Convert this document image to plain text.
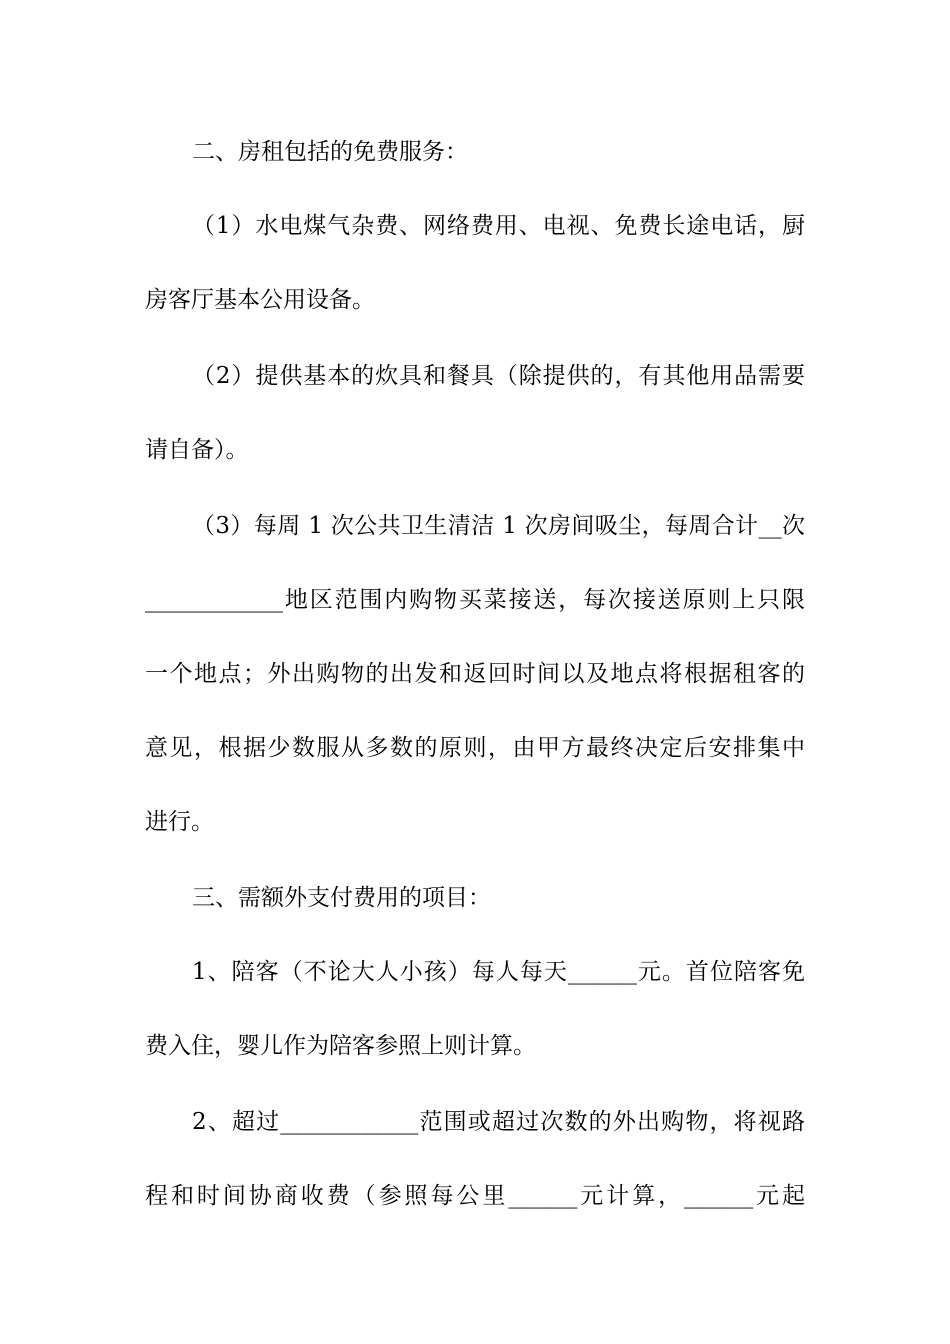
二、房租包括的免费服务：
（1）水电煤气杂费、网络费用、电视、免费长途电话，厨
房客厅基本公用设备。
（2）提供基本的炊具和餐具（除提供的，有其他用品需要
请自备）。
（3）每周 1 次公共卫生清洁 1 次房间吸尘，每周合计__次
____________地区范围内购物买菜接送，每次接送原则上只限
一个地点；外出购物的出发和返回时间以及地点将根据租客的
意见，根据少数服从多数的原则，由甲方最终决定后安排集中
进行。
三、需额外支付费用的项目：
1、陪客（不论大人小孩）每人每天______元。首位陪客免
费入住，婴儿作为陪客参照上则计算。
2、超过____________范围或超过次数的外出购物，将视路
程和时间协商收费（参照每公里______元计算，______元起
